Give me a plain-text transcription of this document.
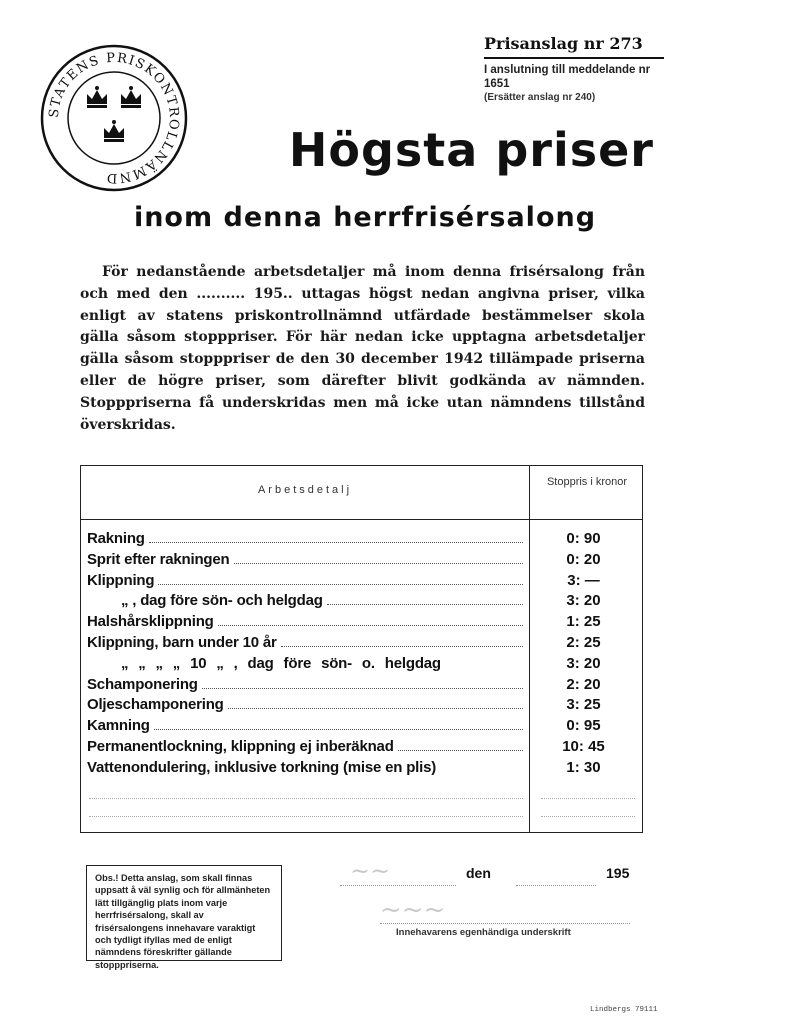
STATENS PRISKONTROLLNÄMND
Prisanslag nr 273
I anslutning till meddelande nr 1651
(Ersätter anslag nr 240)
Högsta priser
inom denna herrfrisérsalong

För nedanstående arbetsdetaljer må inom denna frisérsalong från och med den .......... 195.. uttagas högst nedan angivna priser, vilka enligt av statens priskontrollnämnd utfärdade bestämmelser skola gälla såsom stopppriser. För här nedan icke upptagna arbetsdetaljer gälla såsom stopppriser de den 30 december 1942 tillämpade priserna eller de högre priser, som därefter blivit godkända av nämnden. Stopppriserna få underskridas men må icke utan nämndens tillstånd överskridas.

Arbetsdetalj
Stoppris i kronor
Rakning	0: 90
Sprit efter rakningen	0: 20
Klippning	3: —
„ , dag före sön- och helgdag	3: 20
Halshårsklippning	1: 25
Klippning, barn under 10 år	2: 25
„ „ „ „ 10 „ , dag före sön- o. helgdag	3: 20
Schamponering	2: 20
Oljeschamponering	3: 25
Kamning	0: 95
Permanentlockning, klippning ej inberäknad	10: 45
Vattenondulering, inklusive torkning (mise en plis)	1: 30
Obs.! Detta anslag, som skall finnas uppsatt å väl synlig och för allmänheten lätt tillgänglig plats inom varje herrfrisérsalong, skall av frisérsalongens innehavare varaktigt och tydligt ifyllas med de enligt nämndens föreskrifter gällande stopppriserna.
den	195
~~
~~~
Innehavarens egenhändiga underskrift
Lindbergs 79111
